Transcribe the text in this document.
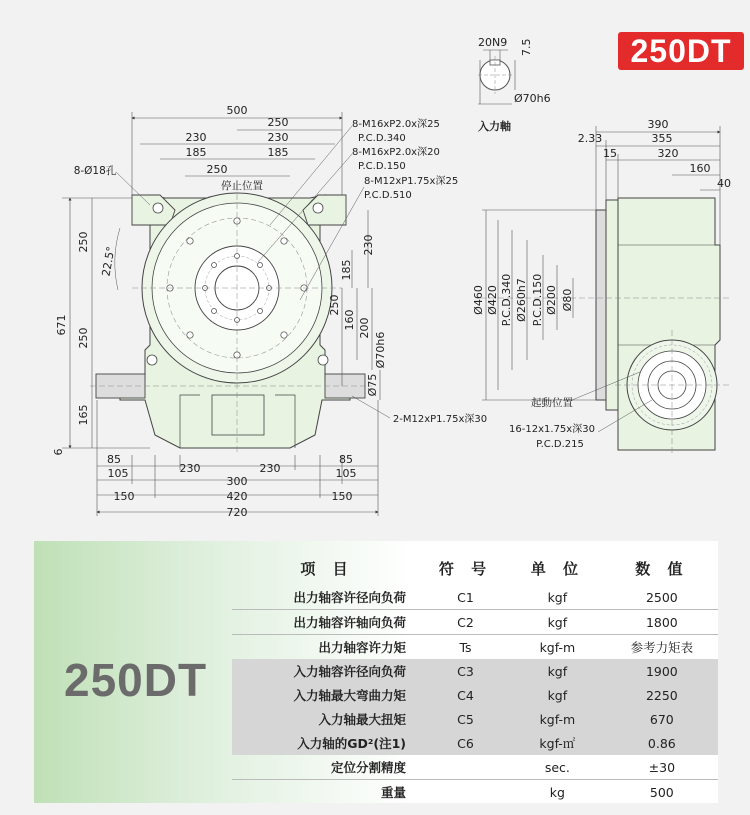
20N9 7.5
Ø70h6
入力軸
500
250
230	230
185	185
250
8-Ø18孔
停止位置
8-M16xP2.0x深25
P.C.D.340
8-M16xP2.0x深20
P.C.D.150
8-M12xP1.75x深25
P.C.D.510
671
250
250
165
6
22.5°
230
185
250
160 200
Ø70h6
Ø75
2-M12xP1.75x深30
85
230	230
85
105
300
105
150	420	150
720
390
2.33	355
15	320
160
40
Ø460 Ø420 P.C.D.340 Ø260h7 P.C.D.150 Ø200 Ø80
起動位置
16-12x1.75x深30
P.C.D.215
250DT
250DT
项 目	符 号	单 位	数 值
出力轴容许径向负荷	C1	kgf	2500
出力轴容许轴向负荷	C2	kgf	1800
出力轴容许力矩	Ts	kgf-m	参考力矩表
入力轴容许径向负荷	C3	kgf	1900
入力轴最大弯曲力矩	C4	kgf	2250
入力轴最大扭矩	C5	kgf-m	670
入力轴的GD²(注1)	C6	kgf-㎡	0.86
定位分割精度		sec.	±30
重量		kg	500
